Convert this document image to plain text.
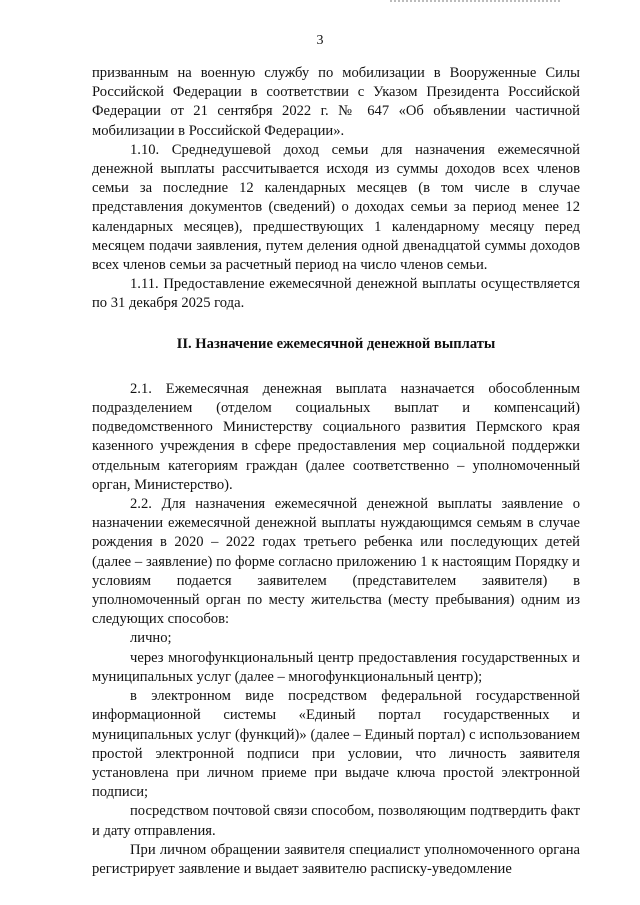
3

призванным на военную службу по мобилизации в Вооруженные Силы Российской Федерации в соответствии с Указом Президента Российской Федерации от 21 сентября 2022 г. № 647 «Об объявлении частичной мобилизации в Российской Федерации».

1.10. Среднедушевой доход семьи для назначения ежемесячной денежной выплаты рассчитывается исходя из суммы доходов всех членов семьи за последние 12 календарных месяцев (в том числе в случае представления документов (сведений) о доходах семьи за период менее 12 календарных месяцев), предшествующих 1 календарному месяцу перед месяцем подачи заявления, путем деления одной двенадцатой суммы доходов всех членов семьи за расчетный период на число членов семьи.

1.11. Предоставление ежемесячной денежной выплаты осуществляется по 31 декабря 2025 года.

II. Назначение ежемесячной денежной выплаты

2.1. Ежемесячная денежная выплата назначается обособленным подразделением (отделом социальных выплат и компенсаций) подведомственного Министерству социального развития Пермского края казенного учреждения в сфере предоставления мер социальной поддержки отдельным категориям граждан (далее соответственно – уполномоченный орган, Министерство).

2.2. Для назначения ежемесячной денежной выплаты заявление о назначении ежемесячной денежной выплаты нуждающимся семьям в случае рождения в 2020 – 2022 годах третьего ребенка или последующих детей (далее – заявление) по форме согласно приложению 1 к настоящим Порядку и условиям подается заявителем (представителем заявителя) в уполномоченный орган по месту жительства (месту пребывания) одним из следующих способов:

лично;

через многофункциональный центр предоставления государственных и муниципальных услуг (далее – многофункциональный центр);

в электронном виде посредством федеральной государственной информационной системы «Единый портал государственных и муниципальных услуг (функций)» (далее – Единый портал) с использованием простой электронной подписи при условии, что личность заявителя установлена при личном приеме при выдаче ключа простой электронной подписи;

посредством почтовой связи способом, позволяющим подтвердить факт и дату отправления.

При личном обращении заявителя специалист уполномоченного органа регистрирует заявление и выдает заявителю расписку-уведомление
